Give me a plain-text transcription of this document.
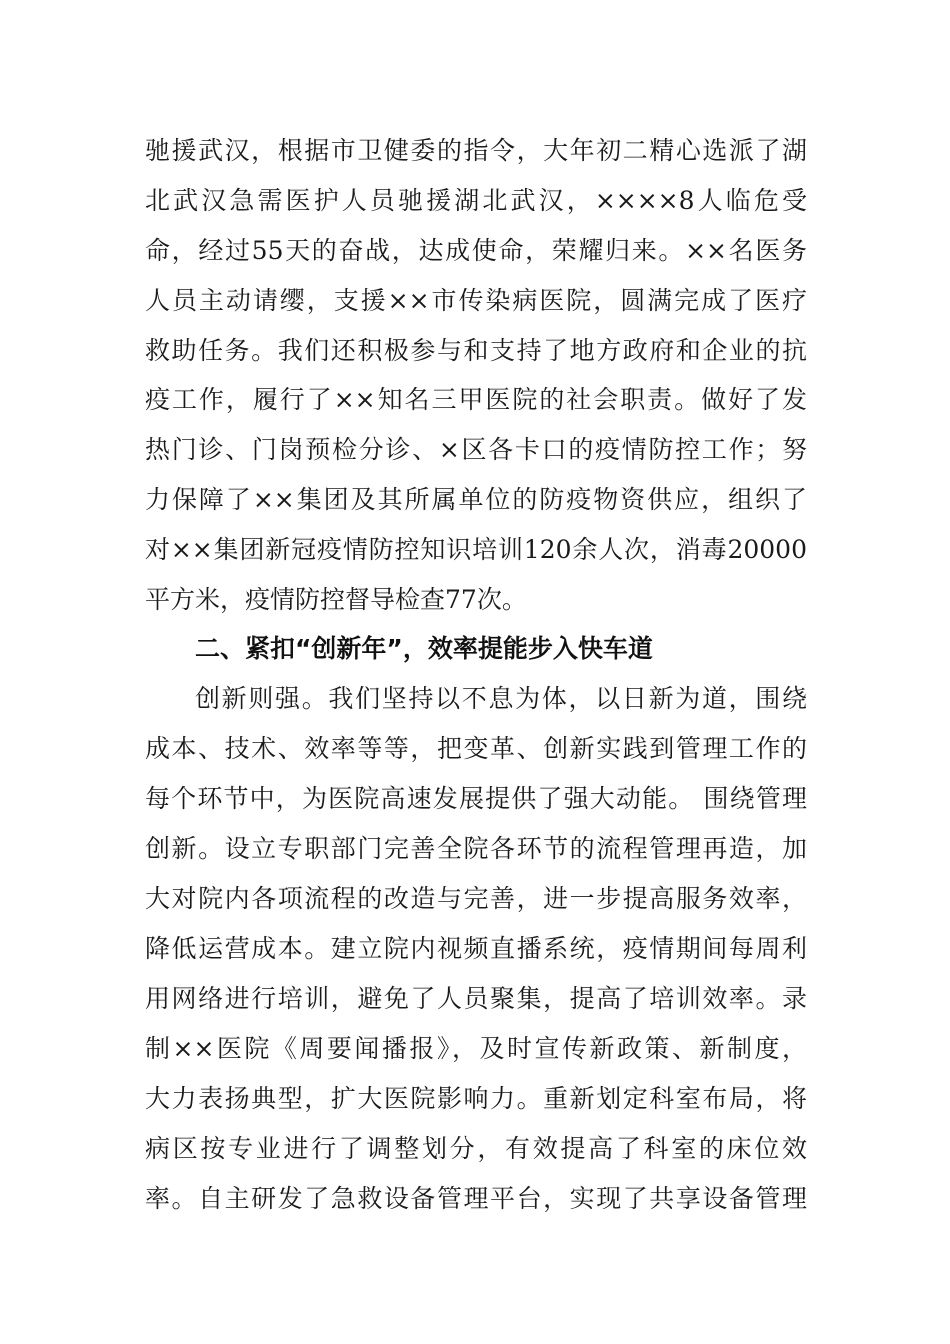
驰援武汉，根据市卫健委的指令，大年初二精心选派了湖
北武汉急需医护人员驰援湖北武汉，××××8人临危受
命，经过55天的奋战，达成使命，荣耀归来。××名医务
人员主动请缨，支援××市传染病医院，圆满完成了医疗
救助任务。我们还积极参与和支持了地方政府和企业的抗
疫工作，履行了××知名三甲医院的社会职责。做好了发
热门诊、门岗预检分诊、×区各卡口的疫情防控工作；努
力保障了××集团及其所属单位的防疫物资供应，组织了
对××集团新冠疫情防控知识培训120余人次，消毒20000
平方米，疫情防控督导检查77次。
二、紧扣“创新年”，效率提能步入快车道
创新则强。我们坚持以不息为体，以日新为道，围绕
成本、技术、效率等等，把变革、创新实践到管理工作的
每个环节中，为医院高速发展提供了强大动能。 围绕管理
创新。设立专职部门完善全院各环节的流程管理再造，加
大对院内各项流程的改造与完善，进一步提高服务效率，
降低运营成本。建立院内视频直播系统，疫情期间每周利
用网络进行培训，避免了人员聚集，提高了培训效率。录
制××医院《周要闻播报》，及时宣传新政策、新制度，
大力表扬典型，扩大医院影响力。重新划定科室布局，将
病区按专业进行了调整划分，有效提高了科室的床位效
率。自主研发了急救设备管理平台，实现了共享设备管理
